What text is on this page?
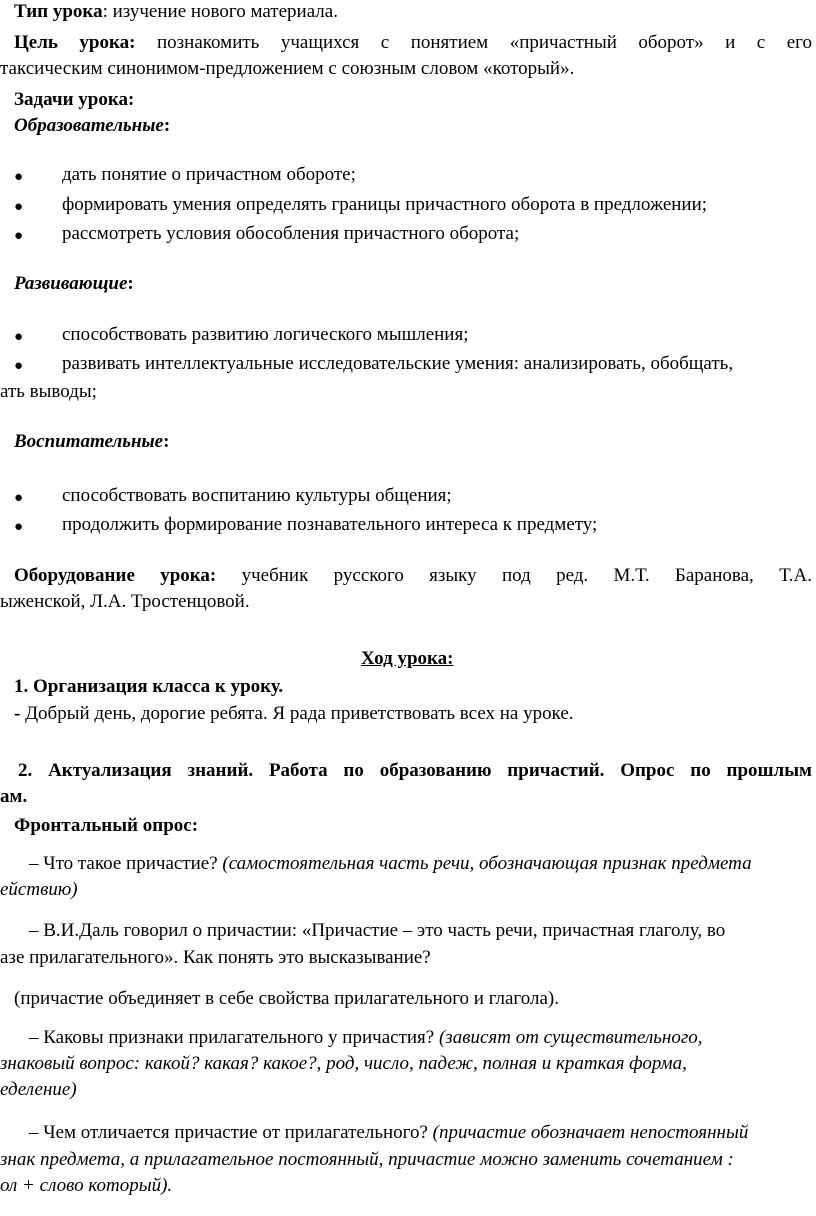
Тип урока: изучение нового материала.
Цель урока: познакомить учащихся с понятием «причастный оборот» и с его
таксическим синонимом-предложением с союзным словом «который».
Задачи урока:
Образовательные:
● дать понятие о причастном обороте;
● формировать умения определять границы причастного оборота в предложении;
● рассмотреть условия обособления причастного оборота;
Развивающие:
● способствовать развитию логического мышления;
● развивать интеллектуальные исследовательские умения: анализировать, обобщать,
ать выводы;
Воспитательные:
● способствовать воспитанию культуры общения;
● продолжить формирование познавательного интереса к предмету;
Оборудование урока: учебник русского языку под ред. М.Т. Баранова, Т.А.
ыженской, Л.А. Тростенцовой.
Ход урока:
1. Организация класса к уроку.
- Добрый день, дорогие ребята. Я рада приветствовать всех на уроке.
2. Актуализация знаний. Работа по образованию причастий. Опрос по прошлым
ам.
Фронтальный опрос:
– Что такое причастие? (самостоятельная часть речи, обозначающая признак предмета
ействию)
– В.И.Даль говорил о причастии: «Причастие – это часть речи, причастная глаголу, во
азе прилагательного». Как понять это высказывание?
(причастие объединяет в себе свойства прилагательного и глагола).
– Каковы признаки прилагательного у причастия? (зависят от существительного,
знаковый вопрос: какой? какая? какое?, род, число, падеж, полная и краткая форма,
еделение)
– Чем отличается причастие от прилагательного? (причастие обозначает непостоянный
знак предмета, а прилагательное постоянный, причастие можно заменить сочетанием :
ол + слово который).
